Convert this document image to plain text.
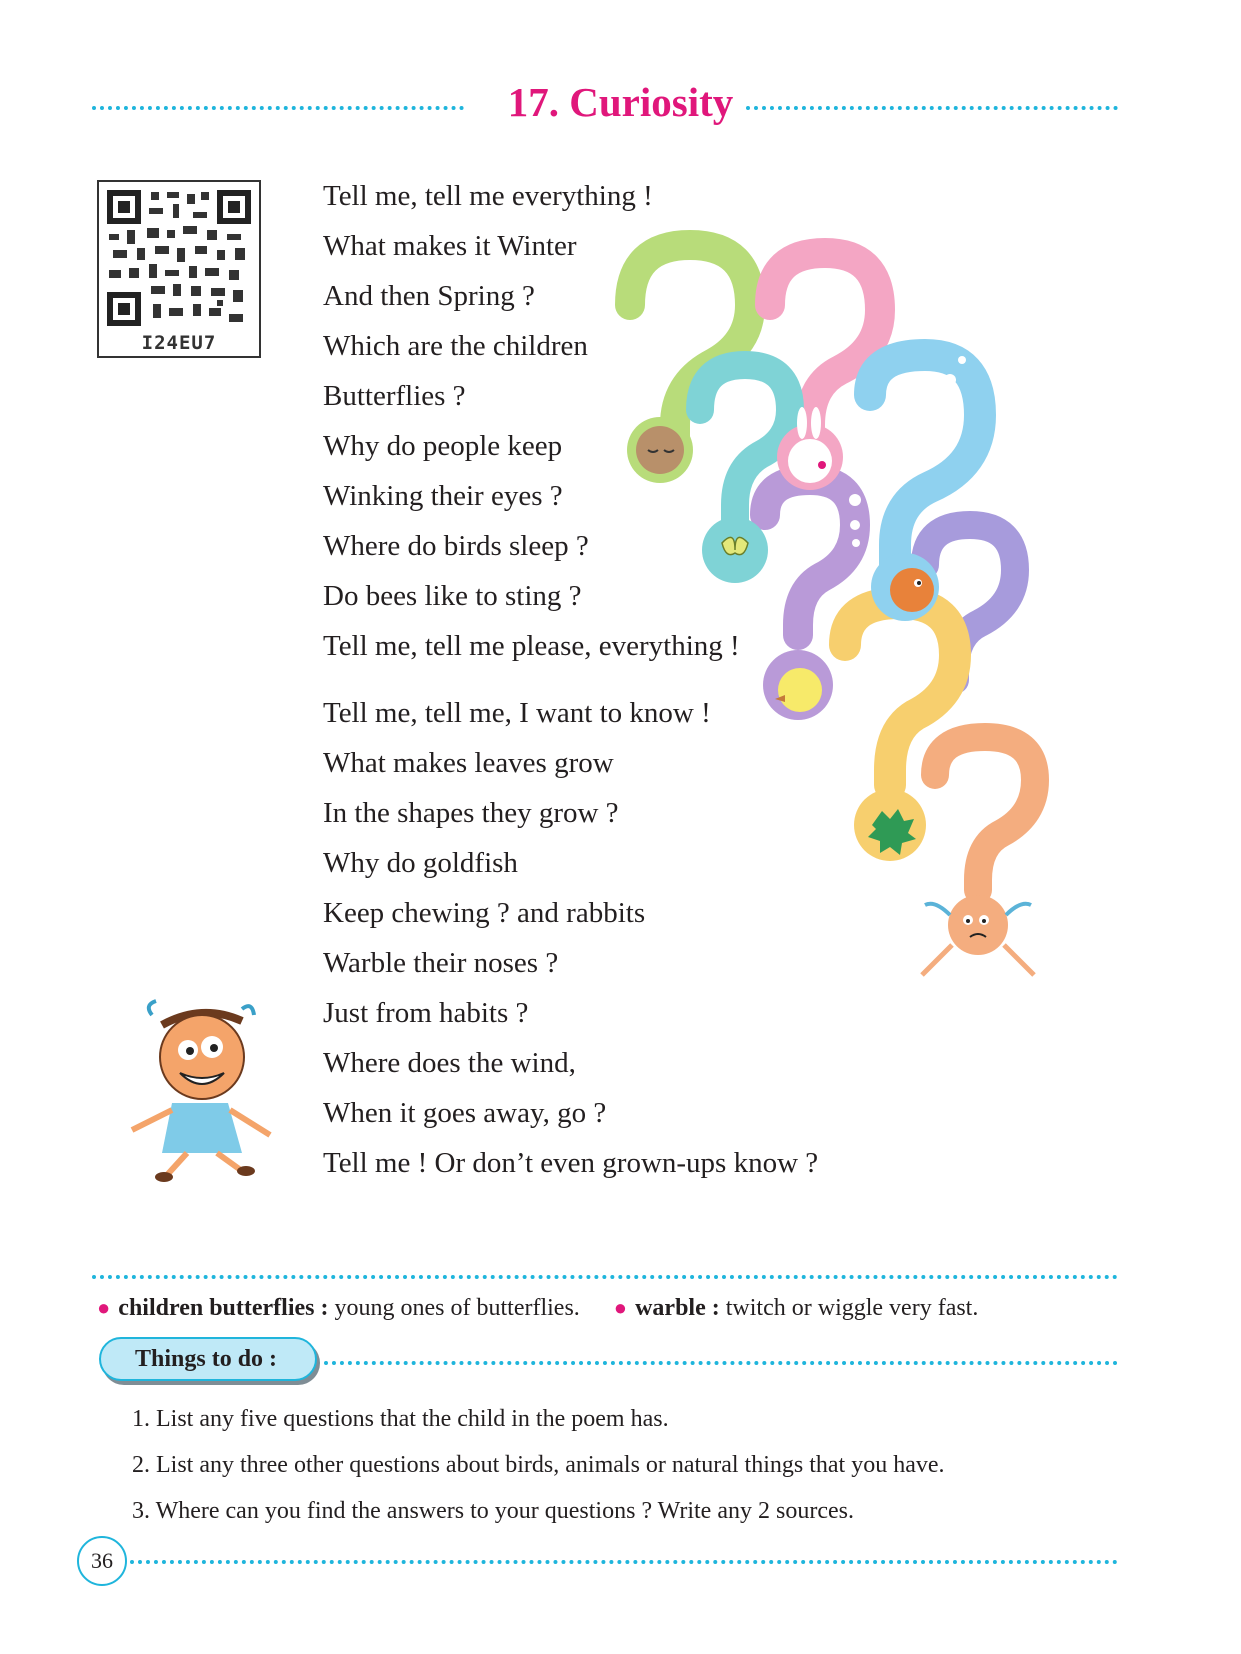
17. Curiosity
I24EU7
Tell me, tell me everything !
What makes it Winter
And then Spring ?
Which are the children
Butterflies ?
Why do people keep
Winking their eyes ?
Where do birds sleep ?
Do bees like to sting ?
Tell me, tell me please, everything !
Tell me, tell me, I want to know !
What makes leaves grow
In the shapes they grow ?
Why do goldfish
Keep chewing ? and rabbits
Warble their noses ?
Just from habits ?
Where does the wind,
When it goes away, go ?
Tell me ! Or don’t even grown-ups know ?
● children butterflies : young ones of butterflies. ● warble : twitch or wiggle very fast.
Things to do :
1. List any five questions that the child in the poem has.
2. List any three other questions about birds, animals or natural things that you have.
3. Where can you find the answers to your questions ? Write any 2 sources.
36
